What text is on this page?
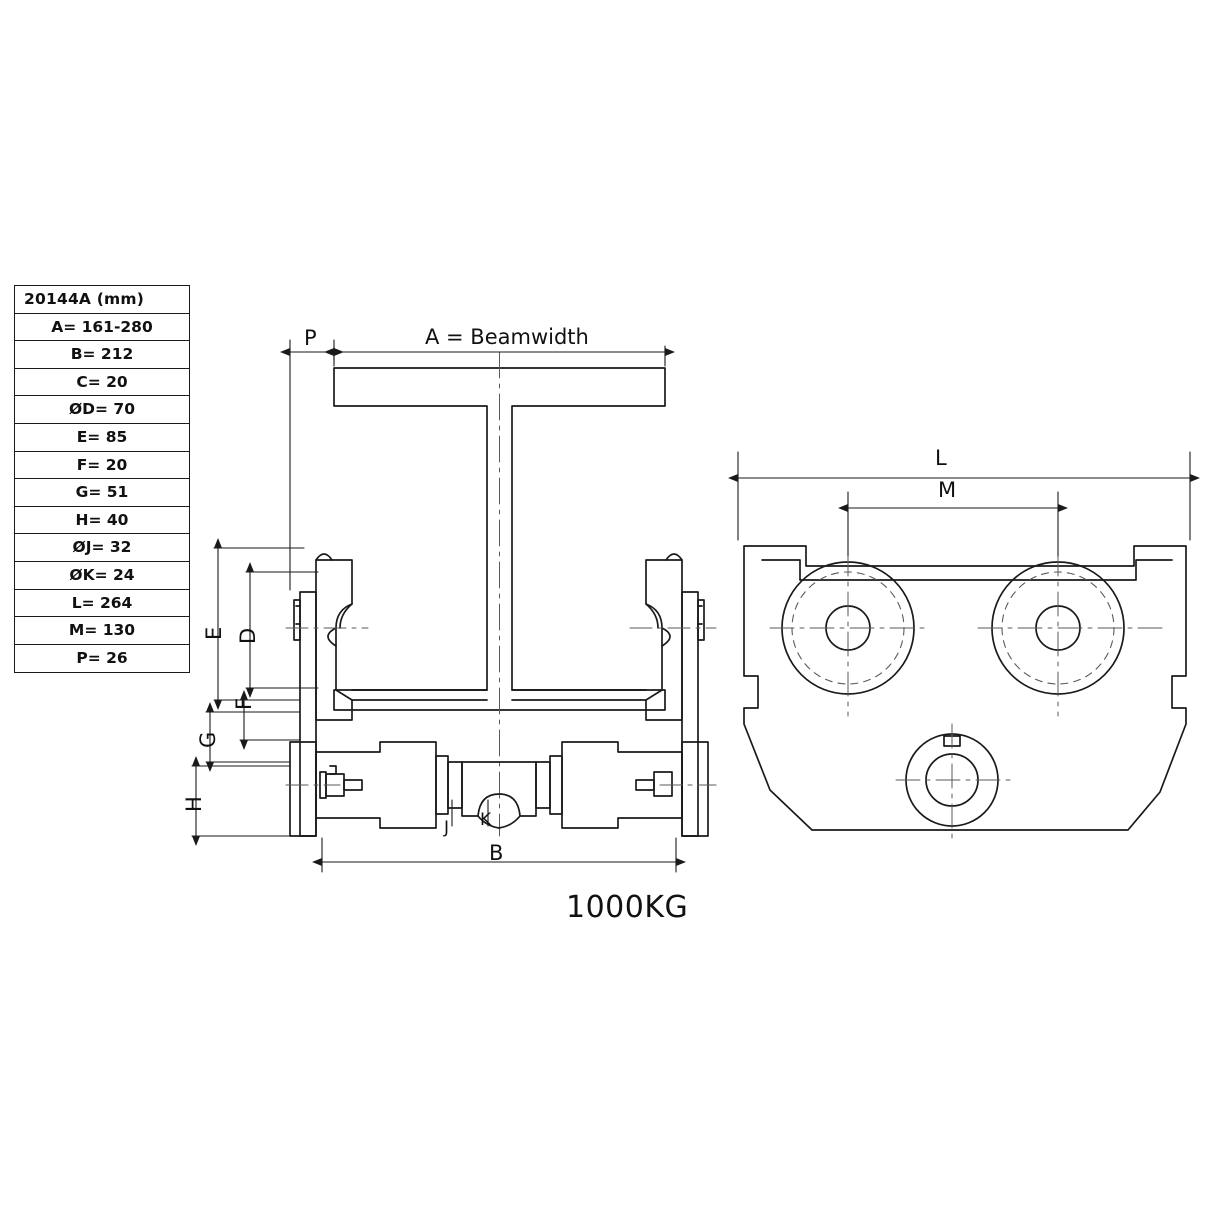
20144A (mm)
A= 161-280
B= 212
C= 20
ØD= 70
E= 85
F= 20
G= 51
H= 40
ØJ= 32
ØK= 24
L= 264
M= 130
P= 26
P	A = Beamwidth
E D
F
G
H
J K
B
L
M
1000KG
